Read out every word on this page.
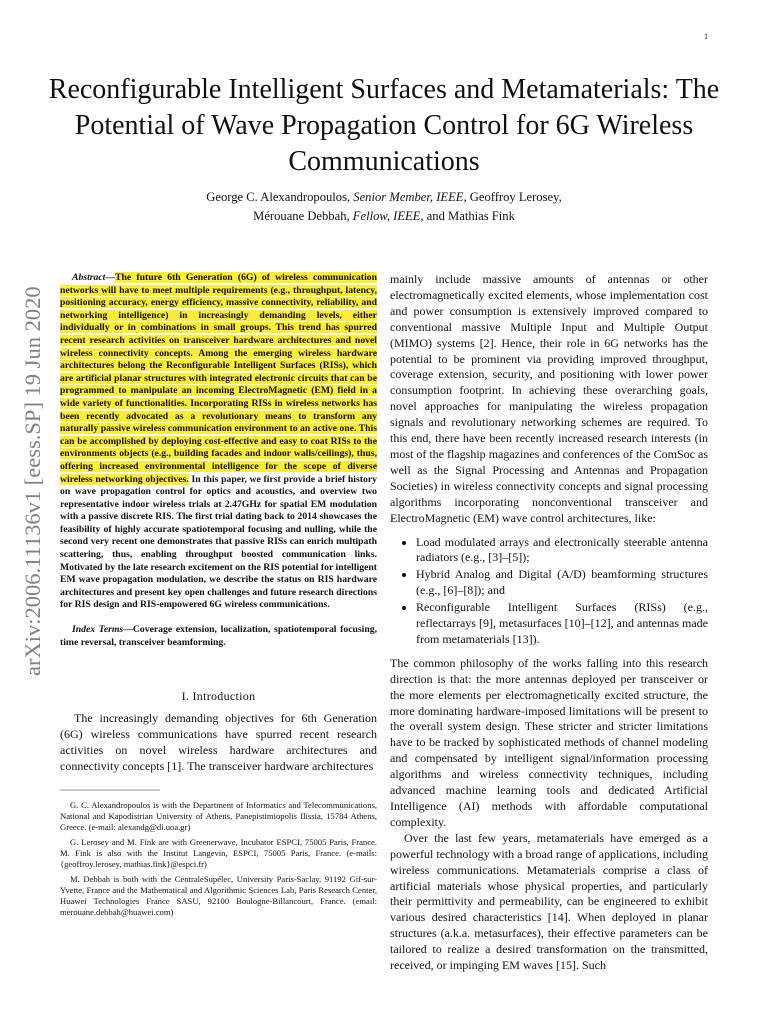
1
arXiv:2006.11136v1 [eess.SP] 19 Jun 2020
Reconfigurable Intelligent Surfaces and Metamaterials: The Potential of Wave Propagation Control for 6G Wireless Communications
George C. Alexandropoulos, Senior Member, IEEE, Geoffroy Lerosey,
Mérouane Debbah, Fellow, IEEE, and Mathias Fink

Abstract—The future 6th Generation (6G) of wireless communication networks will have to meet multiple requirements (e.g., throughput, latency, positioning accuracy, energy efficiency, massive connectivity, reliability, and networking intelligence) in increasingly demanding levels, either individually or in combinations in small groups. This trend has spurred recent research activities on transceiver hardware architectures and novel wireless connectivity concepts. Among the emerging wireless hardware architectures belong the Reconfigurable Intelligent Surfaces (RISs), which are artificial planar structures with integrated electronic circuits that can be programmed to manipulate an incoming ElectroMagnetic (EM) field in a wide variety of functionalities. Incorporating RISs in wireless networks has been recently advocated as a revolutionary means to transform any naturally passive wireless communication environment to an active one. This can be accomplished by deploying cost-effective and easy to coat RISs to the environments objects (e.g., building facades and indoor walls/ceilings), thus, offering increased environmental intelligence for the scope of diverse wireless networking objectives. In this paper, we first provide a brief history on wave propagation control for optics and acoustics, and overview two representative indoor wireless trials at 2.47GHz for spatial EM modulation with a passive discrete RIS. The first trial dating back to 2014 showcases the feasibility of highly accurate spatiotemporal focusing and nulling, while the second very recent one demonstrates that passive RISs can enrich multipath scattering, thus, enabling throughput boosted communication links. Motivated by the late research excitement on the RIS potential for intelligent EM wave propagation modulation, we describe the status on RIS hardware architectures and present key open challenges and future research directions for RIS design and RIS-empowered 6G wireless communications.

Index Terms—Coverage extension, localization, spatiotemporal focusing, time reversal, transceiver beamforming.

I. Introduction

The increasingly demanding objectives for 6th Generation (6G) wireless communications have spurred recent research activities on novel wireless hardware architectures and connectivity concepts [1]. The transceiver hardware architectures

G. C. Alexandropoulos is with the Department of Informatics and Telecommunications, National and Kapodistrian University of Athens, Panepistimiopolis Ilissia, 15784 Athens, Greece. (e-mail: alexandg@di.uoa.gr)

G. Lerosey and M. Fink are with Greenerwave, Incubator ESPCI, 75005 Paris, France. M. Fink is also with the Institut Langevin, ESPCI, 75005 Paris, France. (e-mails: {geoffroy.lerosey, mathias.fink}@espci.fr)

M. Debbah is both with the CentraleSupélec, University Paris-Saclay, 91192 Gif-sur-Yvette, France and the Mathematical and Algorithmic Sciences Lab, Paris Research Center, Huawei Technologies France SASU, 92100 Boulogne-Billancourt, France. (email: merouane.debbah@huawei.com)

mainly include massive amounts of antennas or other electromagnetically excited elements, whose implementation cost and power consumption is extensively improved compared to conventional massive Multiple Input and Multiple Output (MIMO) systems [2]. Hence, their role in 6G networks has the potential to be prominent via providing improved throughput, coverage extension, security, and positioning with lower power consumption footprint. In achieving these overarching goals, novel approaches for manipulating the wireless propagation signals and revolutionary networking schemes are required. To this end, there have been recently increased research interests (in most of the flagship magazines and conferences of the ComSoc as well as the Signal Processing and Antennas and Propagation Societies) in wireless connectivity concepts and signal processing algorithms incorporating nonconventional transceiver and ElectroMagnetic (EM) wave control architectures, like:

• Load modulated arrays and electronically steerable antenna radiators (e.g., [3]–[5]);
• Hybrid Analog and Digital (A/D) beamforming structures (e.g., [6]–[8]); and
• Reconfigurable Intelligent Surfaces (RISs) (e.g., reflectarrays [9], metasurfaces [10]–[12], and antennas made from metamaterials [13]).

The common philosophy of the works falling into this research direction is that: the more antennas deployed per transceiver or the more elements per electromagnetically excited structure, the more dominating hardware-imposed limitations will be present to the overall system design. These stricter and stricter limitations have to be tracked by sophisticated methods of channel modeling and compensated by intelligent signal/information processing algorithms and wireless connectivity techniques, including advanced machine learning tools and dedicated Artificial Intelligence (AI) methods with affordable computational complexity.

Over the last few years, metamaterials have emerged as a powerful technology with a broad range of applications, including wireless communications. Metamaterials comprise a class of artificial materials whose physical properties, and particularly their permittivity and permeability, can be engineered to exhibit various desired characteristics [14]. When deployed in planar structures (a.k.a. metasurfaces), their effective parameters can be tailored to realize a desired transformation on the transmitted, received, or impinging EM waves [15]. Such
